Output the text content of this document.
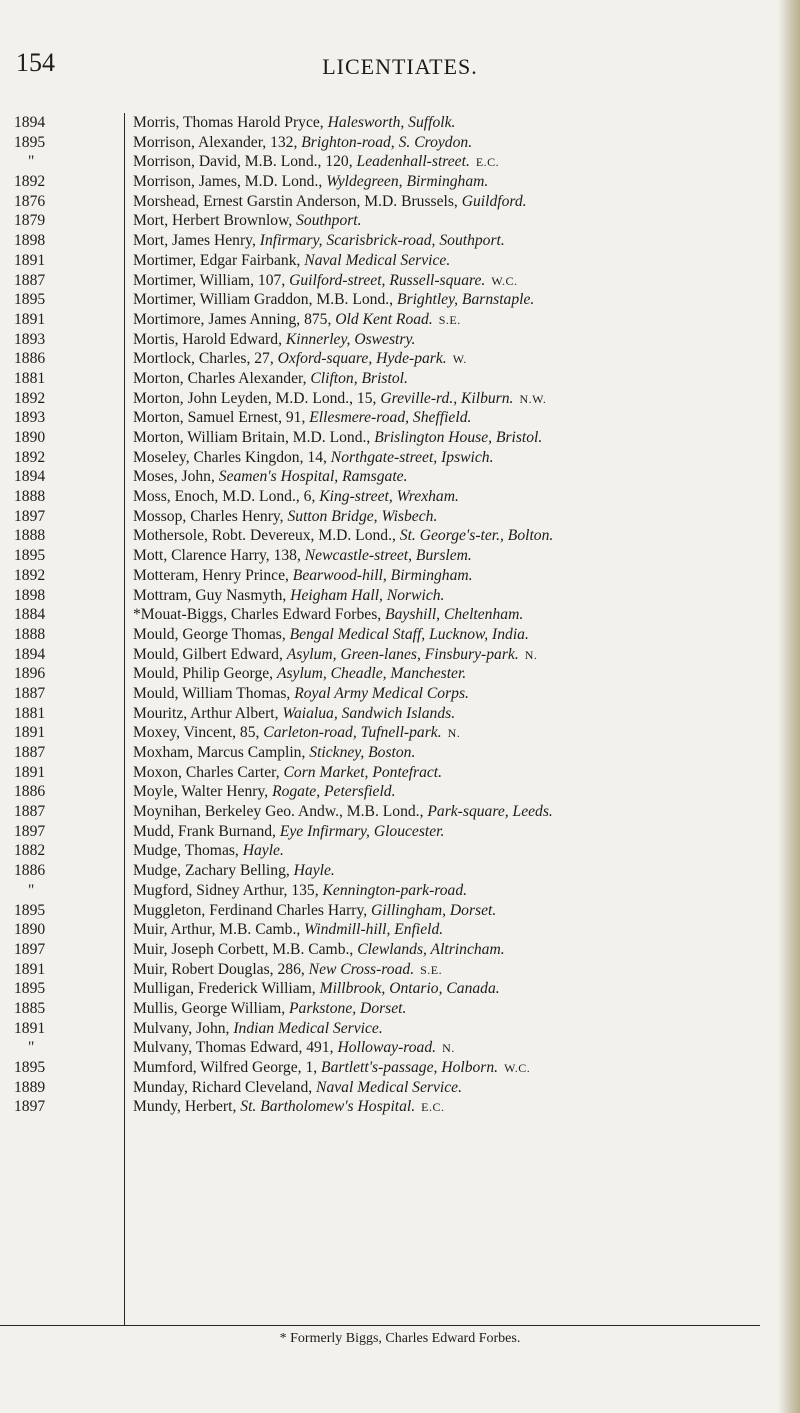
154	LICENTIATES.
1894	Morris, Thomas Harold Pryce, Halesworth, Suffolk.
1895	Morrison, Alexander, 132, Brighton-road, S. Croydon.
"	Morrison, David, M.B. Lond., 120, Leadenhall-street. E.C.
1892	Morrison, James, M.D. Lond., Wyldegreen, Birmingham.
1876	Morshead, Ernest Garstin Anderson, M.D. Brussels, Guildford.
1879	Mort, Herbert Brownlow, Southport.
1898	Mort, James Henry, Infirmary, Scarisbrick-road, Southport.
1891	Mortimer, Edgar Fairbank, Naval Medical Service.
1887	Mortimer, William, 107, Guilford-street, Russell-square. W.C.
1895	Mortimer, William Graddon, M.B. Lond., Brightley, Barnstaple.
1891	Mortimore, James Anning, 875, Old Kent Road. S.E.
1893	Mortis, Harold Edward, Kinnerley, Oswestry.
1886	Mortlock, Charles, 27, Oxford-square, Hyde-park. W.
1881	Morton, Charles Alexander, Clifton, Bristol.
1892	Morton, John Leyden, M.D. Lond., 15, Greville-rd., Kilburn. N.W.
1893	Morton, Samuel Ernest, 91, Ellesmere-road, Sheffield.
1890	Morton, William Britain, M.D. Lond., Brislington House, Bristol.
1892	Moseley, Charles Kingdon, 14, Northgate-street, Ipswich.
1894	Moses, John, Seamen's Hospital, Ramsgate.
1888	Moss, Enoch, M.D. Lond., 6, King-street, Wrexham.
1897	Mossop, Charles Henry, Sutton Bridge, Wisbech.
1888	Mothersole, Robt. Devereux, M.D. Lond., St. George's-ter., Bolton.
1895	Mott, Clarence Harry, 138, Newcastle-street, Burslem.
1892	Motteram, Henry Prince, Bearwood-hill, Birmingham.
1898	Mottram, Guy Nasmyth, Heigham Hall, Norwich.
1884	*Mouat-Biggs, Charles Edward Forbes, Bayshill, Cheltenham.
1888	Mould, George Thomas, Bengal Medical Staff, Lucknow, India.
1894	Mould, Gilbert Edward, Asylum, Green-lanes, Finsbury-park. N.
1896	Mould, Philip George, Asylum, Cheadle, Manchester.
1887	Mould, William Thomas, Royal Army Medical Corps.
1881	Mouritz, Arthur Albert, Waialua, Sandwich Islands.
1891	Moxey, Vincent, 85, Carleton-road, Tufnell-park. N.
1887	Moxham, Marcus Camplin, Stickney, Boston.
1891	Moxon, Charles Carter, Corn Market, Pontefract.
1886	Moyle, Walter Henry, Rogate, Petersfield.
1887	Moynihan, Berkeley Geo. Andw., M.B. Lond., Park-square, Leeds.
1897	Mudd, Frank Burnand, Eye Infirmary, Gloucester.
1882	Mudge, Thomas, Hayle.
1886	Mudge, Zachary Belling, Hayle.
"	Mugford, Sidney Arthur, 135, Kennington-park-road.
1895	Muggleton, Ferdinand Charles Harry, Gillingham, Dorset.
1890	Muir, Arthur, M.B. Camb., Windmill-hill, Enfield.
1897	Muir, Joseph Corbett, M.B. Camb., Clewlands, Altrincham.
1891	Muir, Robert Douglas, 286, New Cross-road. S.E.
1895	Mulligan, Frederick William, Millbrook, Ontario, Canada.
1885	Mullis, George William, Parkstone, Dorset.
1891	Mulvany, John, Indian Medical Service.
"	Mulvany, Thomas Edward, 491, Holloway-road. N.
1895	Mumford, Wilfred George, 1, Bartlett's-passage, Holborn. W.C.
1889	Munday, Richard Cleveland, Naval Medical Service.
1897	Mundy, Herbert, St. Bartholomew's Hospital. E.C.
* Formerly Biggs, Charles Edward Forbes.
